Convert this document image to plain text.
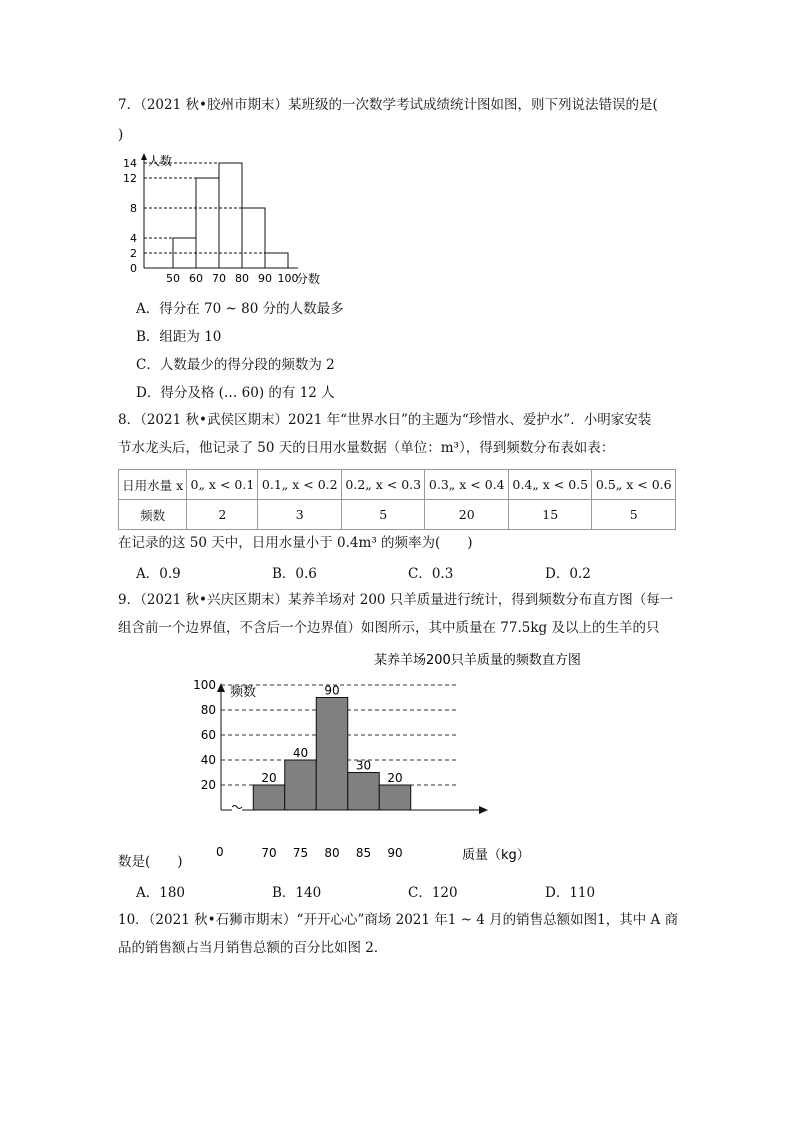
7．（2021 秋•胶州市期末）某班级的一次数学考试成绩统计图如图，则下列说法错误的是(
)
人数
分数
0
2
4
8
12
14
50 60 70 80 90 100
A．得分在 70 ~ 80 分的人数最多
B．组距为 10
C．人数最少的得分段的频数为 2
D．得分及格 (… 60) 的有 12 人
8．（2021 秋•武侯区期末）2021 年“世界水日”的主题为“珍惜水、爱护水”．小明家安装
节水龙头后，他记录了 50 天的日用水量数据（单位：m³），得到频数分布表如表：
日用水量 x	0„ x < 0.1	0.1„ x < 0.2	0.2„ x < 0.3	0.3„ x < 0.4	0.4„ x < 0.5	0.5„ x < 0.6
频数	2	3	5	20	15	5
在记录的这 50 天中，日用水量小于 0.4m³ 的频率为(　　)
A．0.9	B．0.6	C．0.3	D．0.2
9．（2021 秋•兴庆区期末）某养羊场对 200 只羊质量进行统计，得到频数分布直方图（每一
组含前一个边界值，不含后一个边界值）如图所示，其中质量在 77.5kg 及以上的生羊的只
某养羊场200只羊质量的频数直方图
频数
质量（kg）
0
20
40
60
80
100
70 75 80 85 90
20
40
90
30
20
数是(　　)
A．180	B．140	C．120	D．110
10．（2021 秋•石狮市期末）“开开心心”商场 2021 年1 ~ 4 月的销售总额如图1，其中 A 商
品的销售额占当月销售总额的百分比如图 2．
